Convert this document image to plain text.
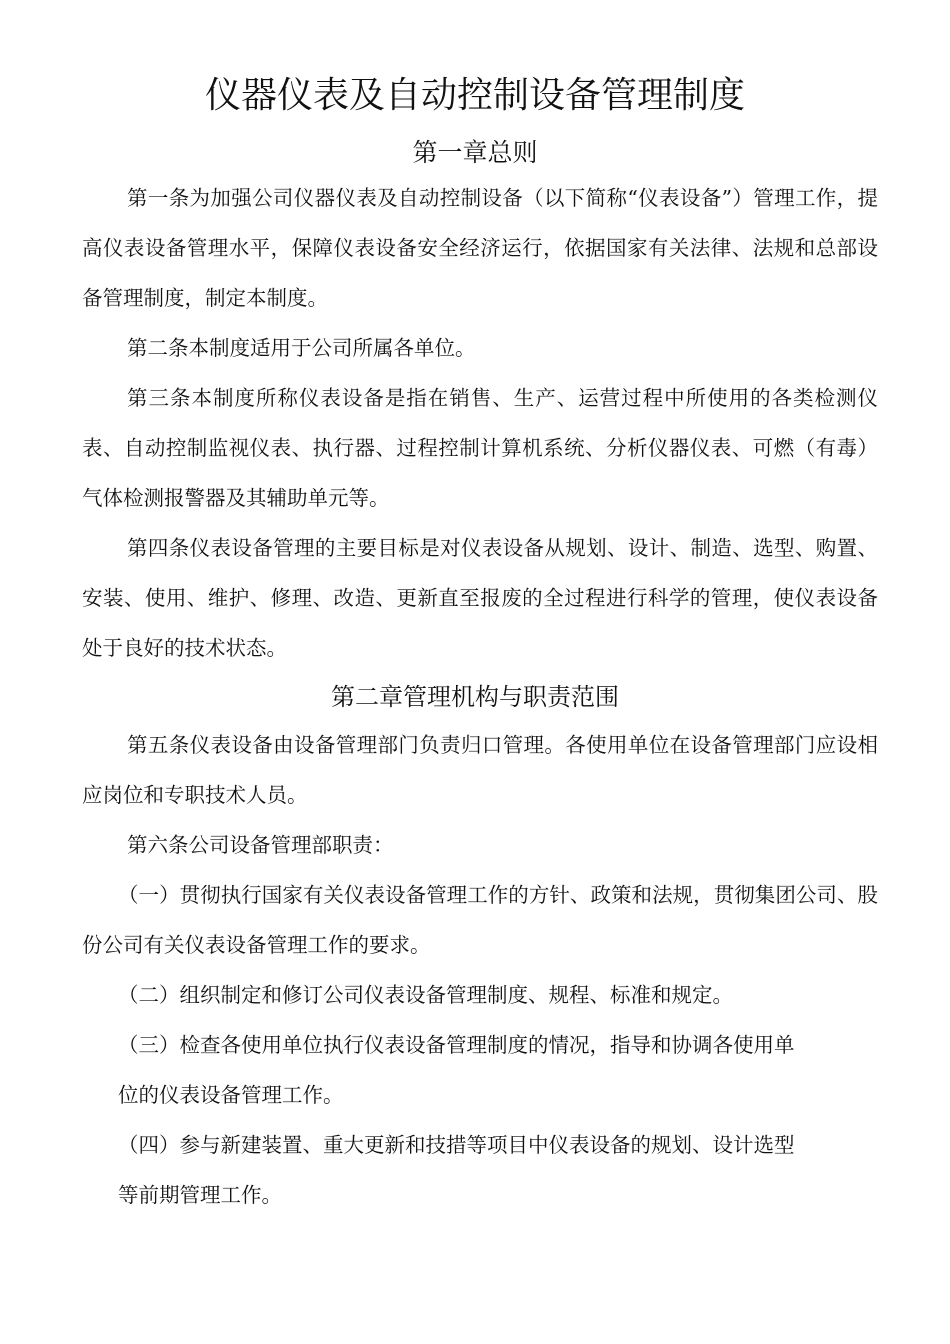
仪器仪表及自动控制设备管理制度
第一章总则

第一条为加强公司仪器仪表及自动控制设备（以下简称“仪表设备”）管理工作，提高仪表设备管理水平，保障仪表设备安全经济运行，依据国家有关法律、法规和总部设备管理制度，制定本制度。

第二条本制度适用于公司所属各单位。

第三条本制度所称仪表设备是指在销售、生产、运营过程中所使用的各类检测仪表、自动控制监视仪表、执行器、过程控制计算机系统、分析仪器仪表、可燃（有毒）气体检测报警器及其辅助单元等。

第四条仪表设备管理的主要目标是对仪表设备从规划、设计、制造、选型、购置、安装、使用、维护、修理、改造、更新直至报废的全过程进行科学的管理，使仪表设备处于良好的技术状态。

第二章管理机构与职责范围

第五条仪表设备由设备管理部门负责归口管理。各使用单位在设备管理部门应设相应岗位和专职技术人员。

第六条公司设备管理部职责：

（一）贯彻执行国家有关仪表设备管理工作的方针、政策和法规，贯彻集团公司、股份公司有关仪表设备管理工作的要求。

（二）组织制定和修订公司仪表设备管理制度、规程、标准和规定。

（三）检查各使用单位执行仪表设备管理制度的情况，指导和协调各使用单
位的仪表设备管理工作。
（四）参与新建装置、重大更新和技措等项目中仪表设备的规划、设计选型
等前期管理工作。
